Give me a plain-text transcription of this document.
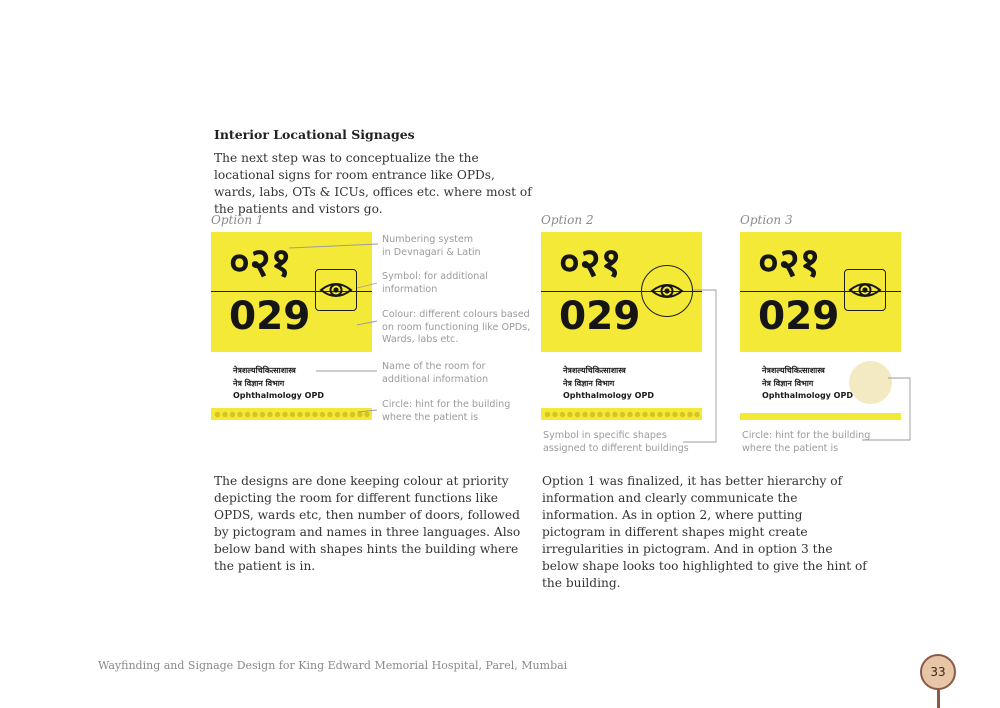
Interior Locational Signages
The next step was to conceptualize the the locational signs for room entrance like OPDs, wards, labs, OTs & ICUs, offices etc. where most of the patients and vistors go.
Option 1	Option 2	Option 3
०२१
029
नेत्रशल्यचिकित्साशास्त्र
नेत्र विज्ञान विभाग
Ophthalmology OPD
०२१
029
नेत्रशल्यचिकित्साशास्त्र
नेत्र विज्ञान विभाग
Ophthalmology OPD
०२१
029
नेत्रशल्यचिकित्साशास्त्र
नेत्र विज्ञान विभाग
Ophthalmology OPD
Numbering system
in Devnagari & Latin
Symbol: for additional
information
Colour: different colours based
on room functioning like OPDs,
Wards, labs etc.
Name of the room for
additional information
Circle: hint for the building
where the patient is
Symbol in specific shapes
assigned to different buildings
Circle: hint for the building
where the patient is
The designs are done keeping colour at priority depicting the room for different functions like OPDS, wards etc, then number of doors, followed by pictogram and names in three languages. Also below band with shapes hints the building where the patient is in.
Option 1 was finalized, it has better hierarchy of information and clearly communicate the information. As in option 2, where putting pictogram in different shapes might create irregularities in pictogram. And in option 3 the below shape looks too highlighted to give the hint of the building.
Wayfinding and Signage Design for King Edward Memorial Hospital, Parel, Mumbai	33
